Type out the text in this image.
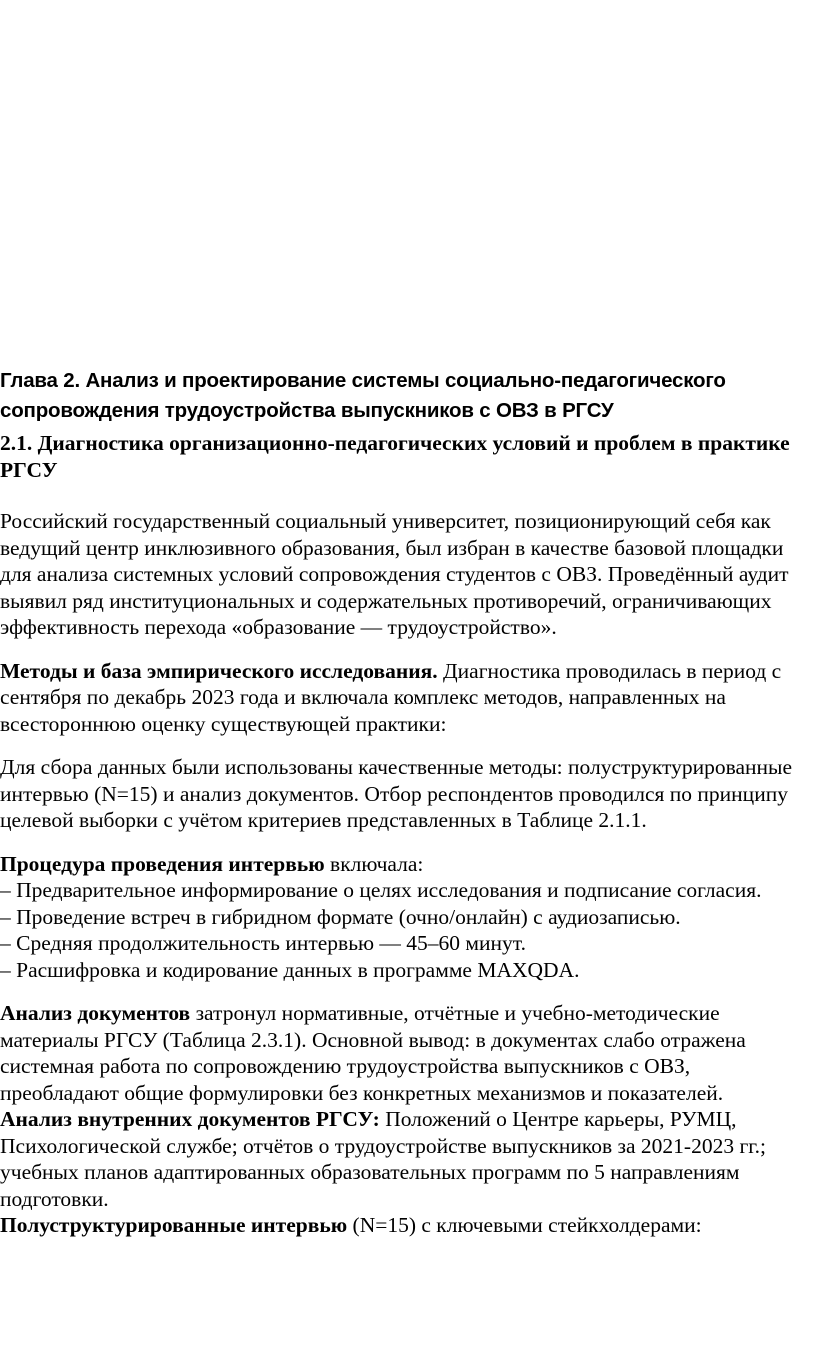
Глава 2. Анализ и проектирование системы социально-педагогического сопровождения трудоустройства выпускников с ОВЗ в РГСУ

2.1. Диагностика организационно-педагогических условий и проблем в практике РГСУ

Российский государственный социальный университет, позиционирующий себя как ведущий центр инклюзивного образования, был избран в качестве базовой площадки для анализа системных условий сопровождения студентов с ОВЗ. Проведённый аудит выявил ряд институциональных и содержательных противоречий, ограничивающих эффективность перехода «образование — трудоустройство».

Методы и база эмпирического исследования. Диагностика проводилась в период с сентября по декабрь 2023 года и включала комплекс методов, направленных на всестороннюю оценку существующей практики:

Для сбора данных были использованы качественные методы: полуструктурированные интервью (N=15) и анализ документов. Отбор респондентов проводился по принципу целевой выборки с учётом критериев представленных в Таблице 2.1.1.

Процедура проведения интервью включала:

– Предварительное информирование о целях исследования и подписание согласия.

– Проведение встреч в гибридном формате (очно/онлайн) с аудиозаписью.

– Средняя продолжительность интервью — 45–60 минут.

– Расшифровка и кодирование данных в программе MAXQDA.

Анализ документов затронул нормативные, отчётные и учебно-методические материалы РГСУ (Таблица 2.3.1). Основной вывод: в документах слабо отражена системная работа по сопровождению трудоустройства выпускников с ОВЗ, преобладают общие формулировки без конкретных механизмов и показателей.

Анализ внутренних документов РГСУ: Положений о Центре карьеры, РУМЦ, Психологической службе; отчётов о трудоустройстве выпускников за 2021-2023 гг.; учебных планов адаптированных образовательных программ по 5 направлениям подготовки.

Полуструктурированные интервью (N=15) с ключевыми стейкхолдерами:
